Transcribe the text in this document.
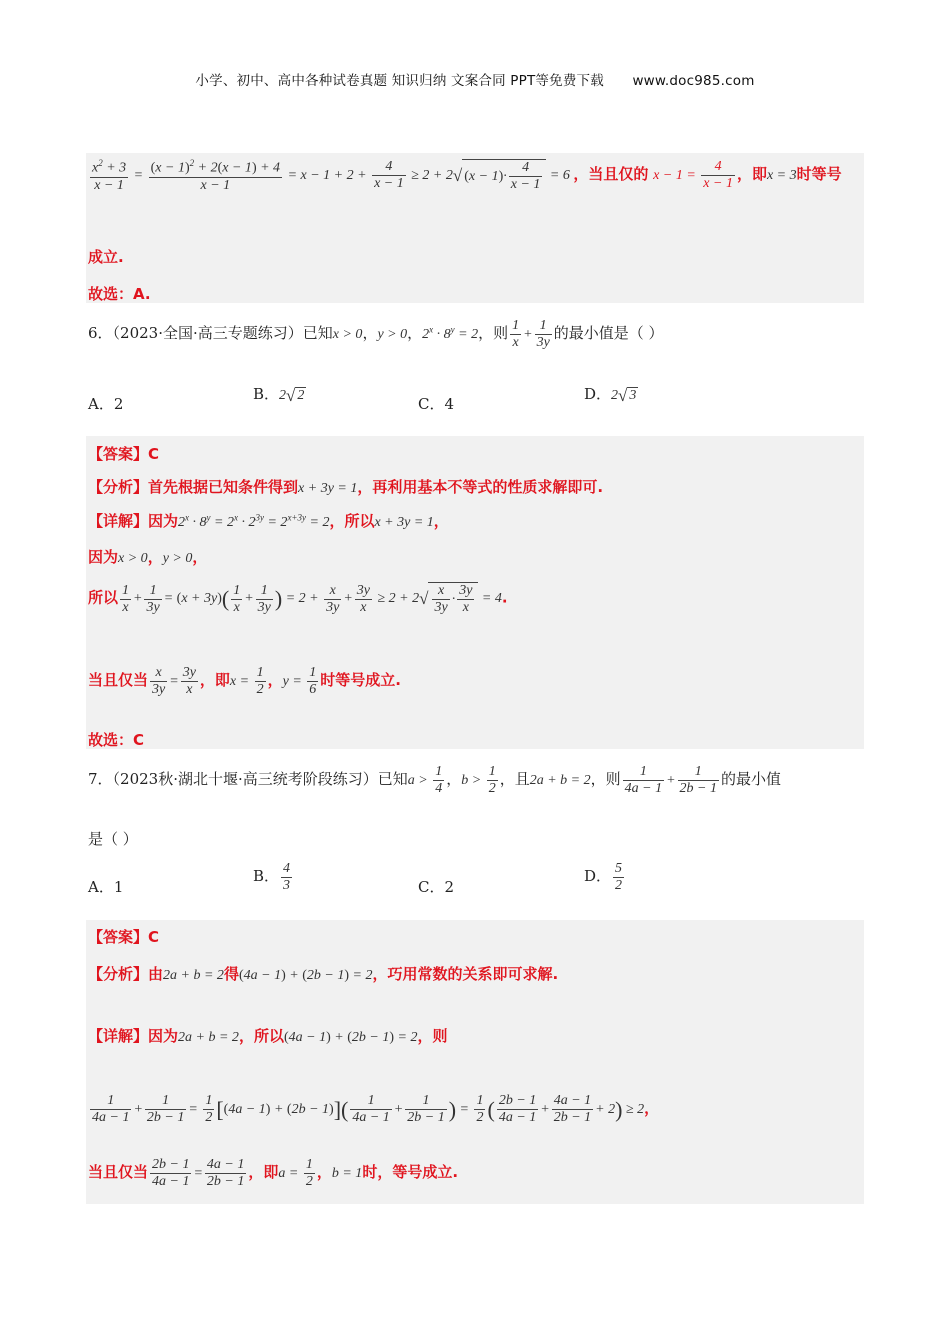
小学、初中、高中各种试卷真题 知识归纳 文案合同 PPT等免费下载 www.doc985.com
$\frac{x^2 + 3}{x - 1} = \frac{(x - 1)^2 + 2(x - 1) + 4}{x - 1} = x - 1 + 2 + \frac{4}{x - 1} \ge 2 + 2√$ $(x - 1)\cdot \frac{4}{x - 1} = 6$ ，当且仅的 $x - 1 = \frac{4}{x - 1}$ ，即x = 3时等号
成立.
故选：A.
6．（2023·全国·高三专题练习）已知x > 0，y > 0，$2^x \cdot 8^y = 2$，则 $\frac{1}{x} + \frac{1}{3y}$ 的最小值是（ ）
A．2
B．2√ 2	C．4
D．2√ 3
【答案】C
【分析】首先根据已知条件得到x + 3y = 1，再利用基本不等式的性质求解即可.
【详解】因为$2^x \cdot 8^y = 2^x \cdot 2^{3y} = 2^{x+3y} = 2$，所以x + 3y = 1，
因为x > 0，y > 0，
所以 $\frac{1}{x} + \frac{1}{3y} = (x + 3y)( \frac{1}{x} + \frac{1}{3y}$ ) = $2 + \frac{x}{3y} + \frac{3y}{x} \ge 2 + 2√ \frac{x}{3y} \cdot \frac{3y}{x} = 4$.
当且仅当 $\frac{x}{3y} = \frac{3y}{x}$ ，即$x = \frac{1}{2}$ ，$y = \frac{1}{6}$ 时等号成立.
故选：C
7．（2023秋·湖北十堰·高三统考阶段练习）已知$a > \frac{1}{4}$ ，$b > \frac{1}{2}$ ，且2a + b = 2，则 $\frac{1}{4a - 1} + \frac{1}{2b - 1}$ 的最小值
是（ ）
A．1
B． $\frac{4}{3}$	C．2
D． $\frac{5}{2}$
【答案】C
【分析】由2a + b = 2得(4a − 1) + (2b − 1) = 2，巧用常数的关系即可求解.
【详解】因为2a + b = 2，所以(4a − 1) + (2b − 1) = 2，则
$\frac{1}{4a - 1} + \frac{1}{2b - 1} = \frac{1}{2} [(4a - 1) + (2b - 1)]( \frac{1}{4a - 1} + \frac{1}{2b - 1}$ ) = $\frac{1}{2}$ ( $\frac{2b - 1}{4a - 1} + \frac{4a - 1}{2b - 1} + 2) \ge 2$，
当且仅当 $\frac{2b - 1}{4a - 1} = \frac{4a - 1}{2b - 1}$ ，即$a = \frac{1}{2}$ ，b = 1时，等号成立.
